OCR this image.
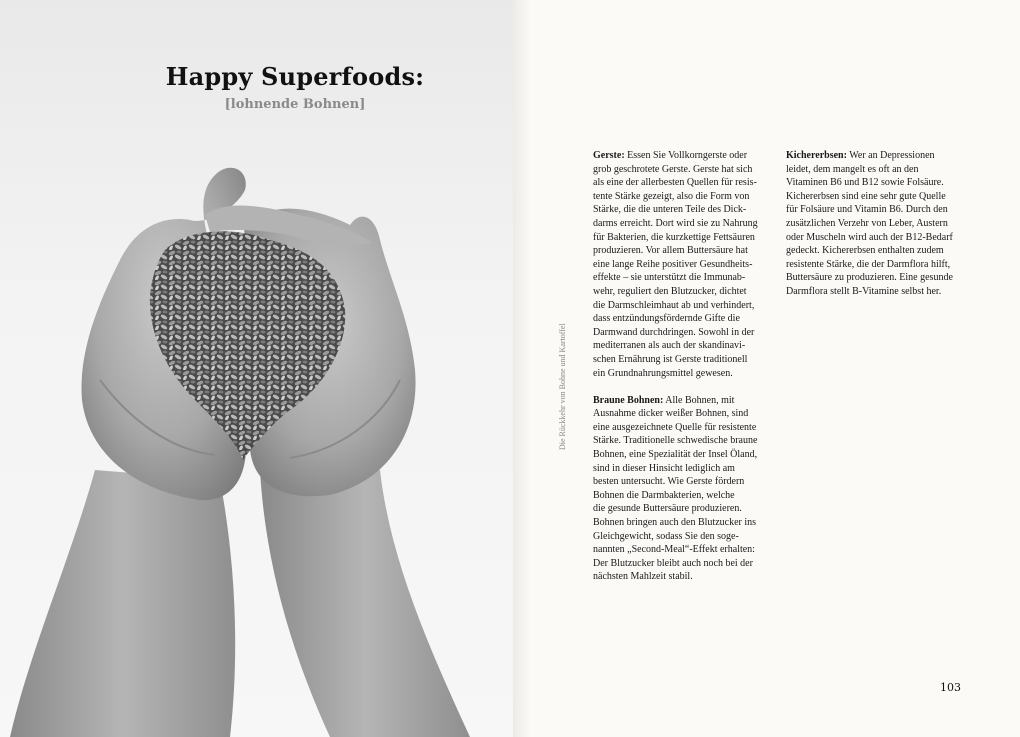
Happy Superfoods:
[lohnende Bohnen]
Die Rückkehr von Bohne und Kartoffel

Gerste: Essen Sie Vollkorngerste oder
grob geschrotete Gerste. Gerste hat sich
als eine der allerbesten Quellen für resis-
tente Stärke gezeigt, also die Form von
Stärke, die die unteren Teile des Dick-
darms erreicht. Dort wird sie zu Nahrung
für Bakterien, die kurzkettige Fettsäuren
produzieren. Vor allem Buttersäure hat
eine lange Reihe positiver Gesundheits-
effekte – sie unterstützt die Immunab-
wehr, reguliert den Blutzucker, dichtet
die Darmschleimhaut ab und verhindert,
dass entzündungsfördernde Gifte die
Darmwand durchdringen. Sowohl in der
mediterranen als auch der skandinavi-
schen Ernährung ist Gerste traditionell
ein Grundnahrungsmittel gewesen.

Braune Bohnen: Alle Bohnen, mit
Ausnahme dicker weißer Bohnen, sind
eine ausgezeichnete Quelle für resistente
Stärke. Traditionelle schwedische braune
Bohnen, eine Spezialität der Insel Öland,
sind in dieser Hinsicht lediglich am
besten untersucht. Wie Gerste fördern
Bohnen die Darmbakterien, welche
die gesunde Buttersäure produzieren.
Bohnen bringen auch den Blutzucker ins
Gleichgewicht, sodass Sie den soge-
nannten „Second-Meal“-Effekt erhalten:
Der Blutzucker bleibt auch noch bei der
nächsten Mahlzeit stabil.

Kichererbsen: Wer an Depressionen
leidet, dem mangelt es oft an den
Vitaminen B6 und B12 sowie Folsäure.
Kichererbsen sind eine sehr gute Quelle
für Folsäure und Vitamin B6. Durch den
zusätzlichen Verzehr von Leber, Austern
oder Muscheln wird auch der B12-Bedarf
gedeckt. Kichererbsen enthalten zudem
resistente Stärke, die der Darmflora hilft,
Buttersäure zu produzieren. Eine gesunde
Darmflora stellt B-Vitamine selbst her.

103
